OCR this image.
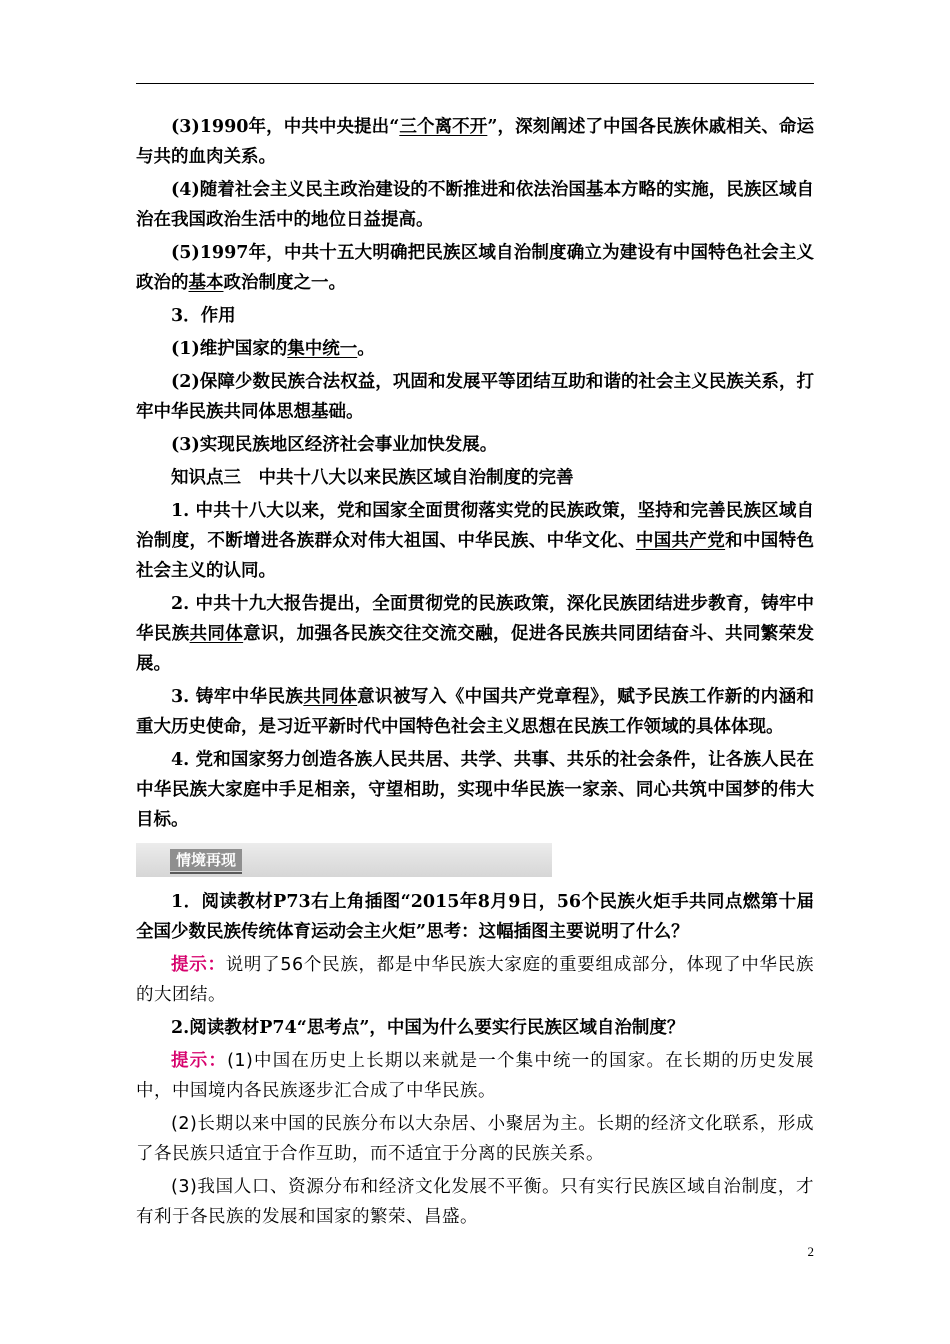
(3)1990年，中共中央提出“三个离不开”，深刻阐述了中国各民族休戚相关、命运与共的血肉关系。

(4)随着社会主义民主政治建设的不断推进和依法治国基本方略的实施，民族区域自治在我国政治生活中的地位日益提高。

(5)1997年，中共十五大明确把民族区域自治制度确立为建设有中国特色社会主义政治的基本政治制度之一。

3．作用

(1)维护国家的集中统一。

(2)保障少数民族合法权益，巩固和发展平等团结互助和谐的社会主义民族关系，打牢中华民族共同体思想基础。

(3)实现民族地区经济社会事业加快发展。

知识点三　中共十八大以来民族区域自治制度的完善

1. 中共十八大以来，党和国家全面贯彻落实党的民族政策，坚持和完善民族区域自治制度，不断增进各族群众对伟大祖国、中华民族、中华文化、中国共产党和中国特色社会主义的认同。

2. 中共十九大报告提出，全面贯彻党的民族政策，深化民族团结进步教育，铸牢中华民族共同体意识，加强各民族交往交流交融，促进各民族共同团结奋斗、共同繁荣发展。

3. 铸牢中华民族共同体意识被写入《中国共产党章程》，赋予民族工作新的内涵和重大历史使命，是习近平新时代中国特色社会主义思想在民族工作领域的具体体现。

4. 党和国家努力创造各族人民共居、共学、共事、共乐的社会条件，让各族人民在中华民族大家庭中手足相亲，守望相助，实现中华民族一家亲、同心共筑中国梦的伟大目标。

情境再现

1．阅读教材P73右上角插图“2015年8月9日，56个民族火炬手共同点燃第十届全国少数民族传统体育运动会主火炬”思考：这幅插图主要说明了什么？

提示：说明了56个民族，都是中华民族大家庭的重要组成部分，体现了中华民族的大团结。

2.阅读教材P74“思考点”，中国为什么要实行民族区域自治制度？

提示：(1)中国在历史上长期以来就是一个集中统一的国家。在长期的历史发展中，中国境内各民族逐步汇合成了中华民族。

(2)长期以来中国的民族分布以大杂居、小聚居为主。长期的经济文化联系，形成了各民族只适宜于合作互助，而不适宜于分离的民族关系。

(3)我国人口、资源分布和经济文化发展不平衡。只有实行民族区域自治制度，才有利于各民族的发展和国家的繁荣、昌盛。

2
